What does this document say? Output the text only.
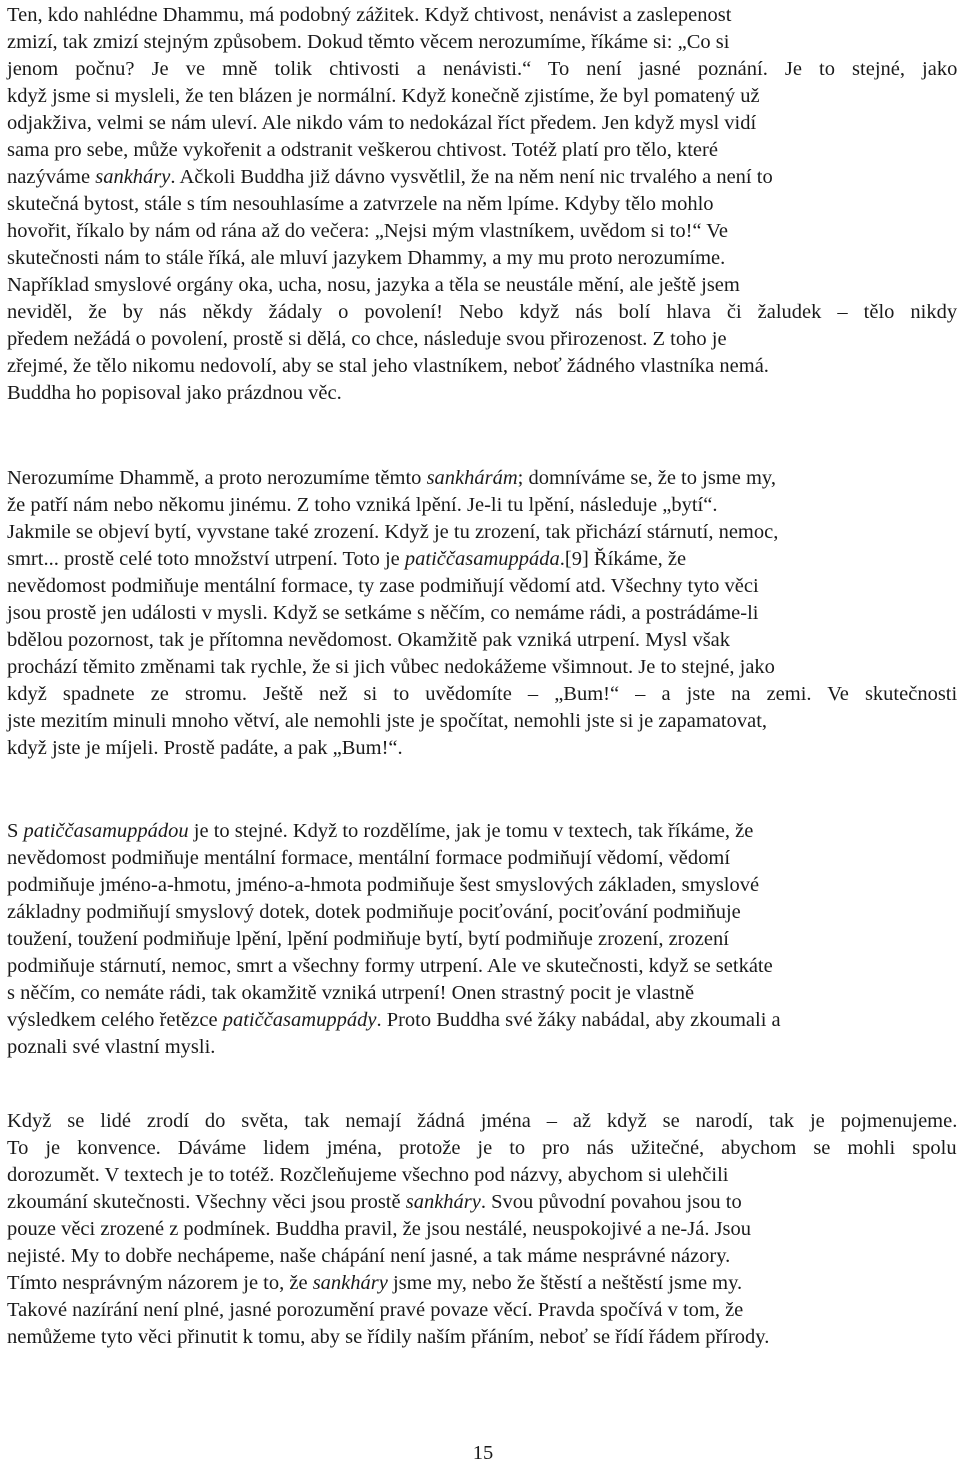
Ten, kdo nahlédne Dhammu, má podobný zážitek. Když chtivost, nenávist a zaslepenost
zmizí, tak zmizí stejným způsobem. Dokud těmto věcem nerozumíme, říkáme si: „Co si
jenom počnu? Je ve mně tolik chtivosti a nenávisti.“ To není jasné poznání. Je to stejné, jako
když jsme si mysleli, že ten blázen je normální. Když konečně zjistíme, že byl pomatený už
odjakživa, velmi se nám uleví. Ale nikdo vám to nedokázal říct předem. Jen když mysl vidí
sama pro sebe, může vykořenit a odstranit veškerou chtivost. Totéž platí pro tělo, které
nazýváme sankháry. Ačkoli Buddha již dávno vysvětlil, že na něm není nic trvalého a není to
skutečná bytost, stále s tím nesouhlasíme a zatvrzele na něm lpíme. Kdyby tělo mohlo
hovořit, říkalo by nám od rána až do večera: „Nejsi mým vlastníkem, uvědom si to!“ Ve
skutečnosti nám to stále říká, ale mluví jazykem Dhammy, a my mu proto nerozumíme.
Například smyslové orgány oka, ucha, nosu, jazyka a těla se neustále mění, ale ještě jsem
neviděl, že by nás někdy žádaly o povolení! Nebo když nás bolí hlava či žaludek – tělo nikdy
předem nežádá o povolení, prostě si dělá, co chce, následuje svou přirozenost. Z toho je
zřejmé, že tělo nikomu nedovolí, aby se stal jeho vlastníkem, neboť žádného vlastníka nemá.
Buddha ho popisoval jako prázdnou věc.
Nerozumíme Dhammě, a proto nerozumíme těmto sankhárám; domníváme se, že to jsme my,
že patří nám nebo někomu jinému. Z toho vzniká lpění. Je-li tu lpění, následuje „bytí“.
Jakmile se objeví bytí, vyvstane také zrození. Když je tu zrození, tak přichází stárnutí, nemoc,
smrt... prostě celé toto množství utrpení. Toto je patiččasamuppáda.[9] Říkáme, že
nevědomost podmiňuje mentální formace, ty zase podmiňují vědomí atd. Všechny tyto věci
jsou prostě jen události v mysli. Když se setkáme s něčím, co nemáme rádi, a postrádáme-li
bdělou pozornost, tak je přítomna nevědomost. Okamžitě pak vzniká utrpení. Mysl však
prochází těmito změnami tak rychle, že si jich vůbec nedokážeme všimnout. Je to stejné, jako
když spadnete ze stromu. Ještě než si to uvědomíte – „Bum!“ – a jste na zemi. Ve skutečnosti
jste mezitím minuli mnoho větví, ale nemohli jste je spočítat, nemohli jste si je zapamatovat,
když jste je míjeli. Prostě padáte, a pak „Bum!“.
S patiččasamuppádou je to stejné. Když to rozdělíme, jak je tomu v textech, tak říkáme, že
nevědomost podmiňuje mentální formace, mentální formace podmiňují vědomí, vědomí
podmiňuje jméno-a-hmotu, jméno-a-hmota podmiňuje šest smyslových základen, smyslové
základny podmiňují smyslový dotek, dotek podmiňuje pociťování, pociťování podmiňuje
toužení, toužení podmiňuje lpění, lpění podmiňuje bytí, bytí podmiňuje zrození, zrození
podmiňuje stárnutí, nemoc, smrt a všechny formy utrpení. Ale ve skutečnosti, když se setkáte
s něčím, co nemáte rádi, tak okamžitě vzniká utrpení! Onen strastný pocit je vlastně
výsledkem celého řetězce patiččasamuppády. Proto Buddha své žáky nabádal, aby zkoumali a
poznali své vlastní mysli.
Když se lidé zrodí do světa, tak nemají žádná jména – až když se narodí, tak je pojmenujeme.
To je konvence. Dáváme lidem jména, protože je to pro nás užitečné, abychom se mohli spolu
dorozumět. V textech je to totéž. Rozčleňujeme všechno pod názvy, abychom si ulehčili
zkoumání skutečnosti. Všechny věci jsou prostě sankháry. Svou původní povahou jsou to
pouze věci zrozené z podmínek. Buddha pravil, že jsou nestálé, neuspokojivé a ne-Já. Jsou
nejisté. My to dobře nechápeme, naše chápání není jasné, a tak máme nesprávné názory.
Tímto nesprávným názorem je to, že sankháry jsme my, nebo že štěstí a neštěstí jsme my.
Takové nazírání není plné, jasné porozumění pravé povaze věcí. Pravda spočívá v tom, že
nemůžeme tyto věci přinutit k tomu, aby se řídily naším přáním, neboť se řídí řádem přírody.
15
